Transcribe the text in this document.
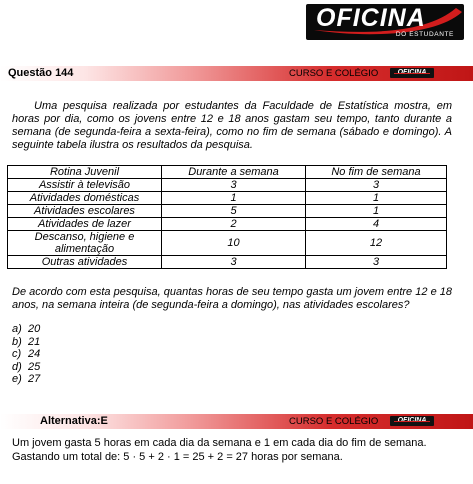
OFICINA
DO ESTUDANTE
Questão 144	CURSO E COLÉGIO
Uma pesquisa realizada por estudantes da Faculdade de Estatística mostra, em horas por dia, como os jovens entre 12 e 18 anos gastam seu tempo, tanto durante a semana (de segunda-feira a sexta-feira), como no fim de semana (sábado e domingo). A seguinte tabela ilustra os resultados da pesquisa.
Rotina Juvenil	Durante a semana	No fim de semana
Assistir à televisão	3	3
Atividades domésticas	1	1
Atividades escolares	5	1
Atividades de lazer	2	4
Descanso, higiene e alimentação	10	12
Outras atividades	3	3
De acordo com esta pesquisa, quantas horas de seu tempo gasta um jovem entre 12 e 18 anos, na semana inteira (de segunda-feira a domingo), nas atividades escolares?
a) 20
b) 21
c) 24
d) 25
e) 27
Alternativa:E	CURSO E COLÉGIO
Um jovem gasta 5 horas em cada dia da semana e 1 em cada dia do fim de semana.
Gastando um total de: 5 · 5 + 2 · 1 = 25 + 2 = 27 horas por semana.
